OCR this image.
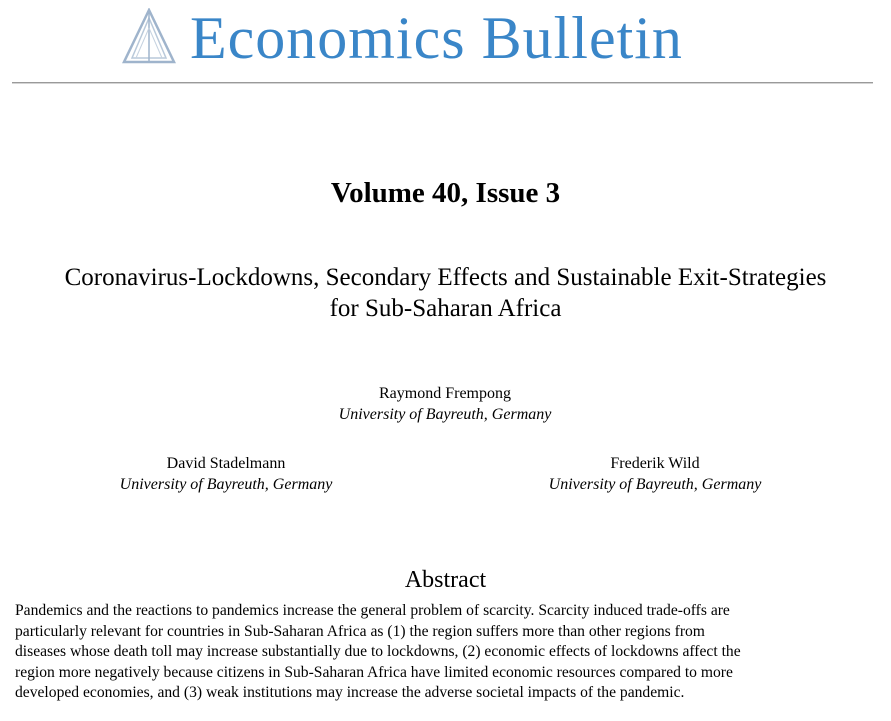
Economics Bulletin
Volume 40, Issue 3
Coronavirus-Lockdowns, Secondary Effects and Sustainable Exit-Strategies
for Sub-Saharan Africa
Raymond Frempong
University of Bayreuth, Germany
David Stadelmann
University of Bayreuth, Germany
Frederik Wild
University of Bayreuth, Germany
Abstract
Pandemics and the reactions to pandemics increase the general problem of scarcity. Scarcity induced trade-offs are
particularly relevant for countries in Sub-Saharan Africa as (1) the region suffers more than other regions from
diseases whose death toll may increase substantially due to lockdowns, (2) economic effects of lockdowns affect the
region more negatively because citizens in Sub-Saharan Africa have limited economic resources compared to more
developed economies, and (3) weak institutions may increase the adverse societal impacts of the pandemic.
